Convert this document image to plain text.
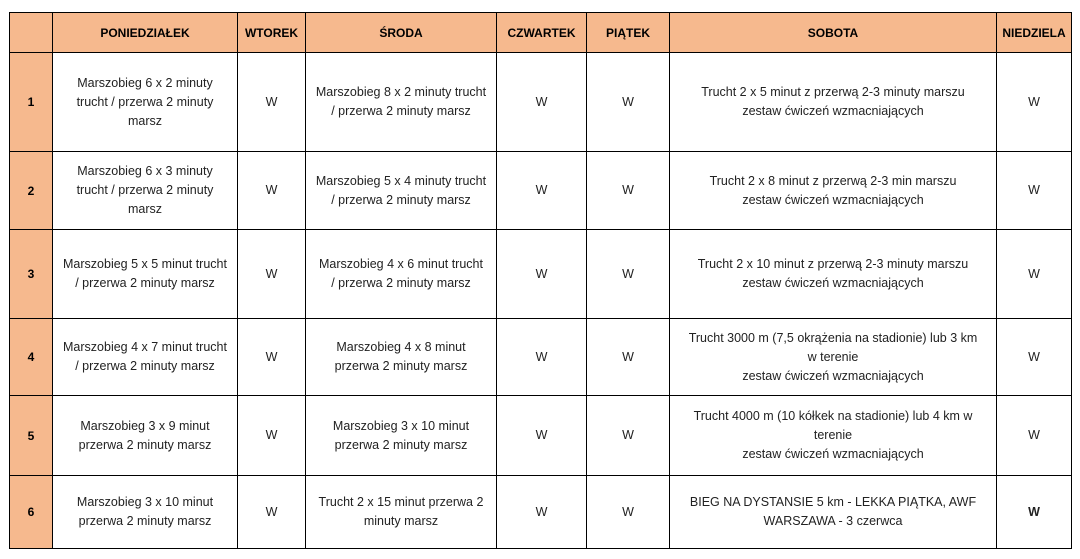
	PONIEDZIAŁEK	WTOREK	ŚRODA	CZWARTEK	PIĄTEK	SOBOTA	NIEDZIELA
1	Marszobieg 6 x 2 minuty
trucht / przerwa 2 minuty
marsz	W	Marszobieg 8 x 2 minuty trucht
/ przerwa 2 minuty marsz	W	W	Trucht 2 x 5 minut z przerwą 2-3 minuty marszu
zestaw ćwiczeń wzmacniających	W
2	Marszobieg 6 x 3 minuty
trucht / przerwa 2 minuty
marsz	W	Marszobieg 5 x 4 minuty trucht
/ przerwa 2 minuty marsz	W	W	Trucht 2 x 8 minut z przerwą 2-3 min marszu
zestaw ćwiczeń wzmacniających	W
3	Marszobieg 5 x 5 minut trucht
/ przerwa 2 minuty marsz	W	Marszobieg 4 x 6 minut trucht
/ przerwa 2 minuty marsz	W	W	Trucht 2 x 10 minut z przerwą 2-3 minuty marszu
zestaw ćwiczeń wzmacniających	W
4	Marszobieg 4 x 7 minut trucht
/ przerwa 2 minuty marsz	W	Marszobieg 4 x 8 minut
przerwa 2 minuty marsz	W	W	Trucht 3000 m (7,5 okrążenia na stadionie) lub 3 km
w terenie
zestaw ćwiczeń wzmacniających	W
5	Marszobieg 3 x 9 minut
przerwa 2 minuty marsz	W	Marszobieg 3 x 10 minut
przerwa 2 minuty marsz	W	W	Trucht 4000 m (10 kółkek na stadionie) lub 4 km w
terenie
zestaw ćwiczeń wzmacniających	W
6	Marszobieg 3 x 10 minut
przerwa 2 minuty marsz	W	Trucht 2 x 15 minut przerwa 2
minuty marsz	W	W	BIEG NA DYSTANSIE 5 km - LEKKA PIĄTKA, AWF
WARSZAWA - 3 czerwca	W
